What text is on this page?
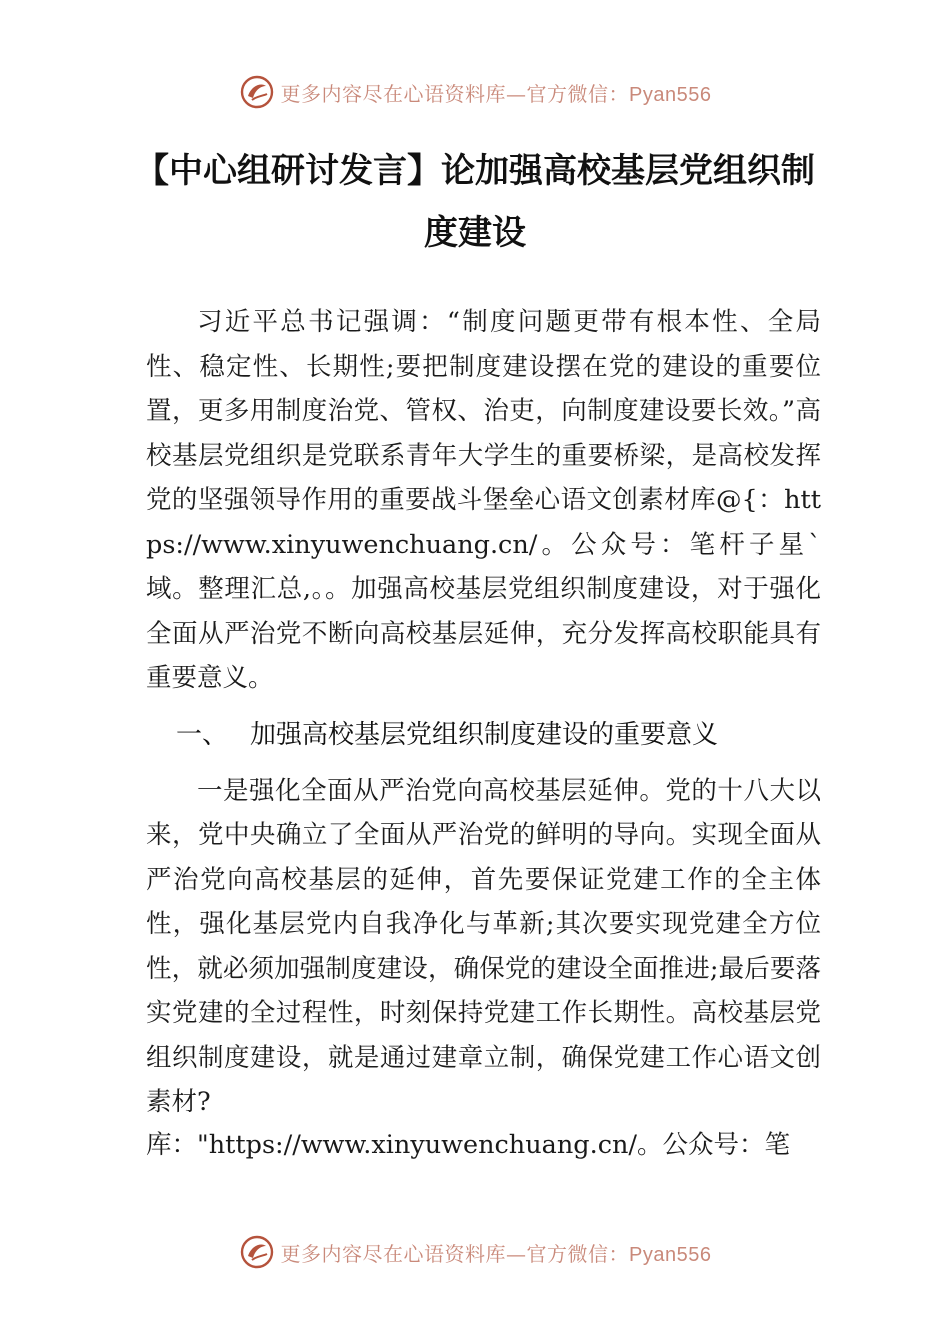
更多内容尽在心语资料库—官方微信：Pyan556
【中心组研讨发言】论加强高校基层党组织制度建设

习近平总书记强调：“制度问题更带有根本性、全局性、稳定性、长期性;要把制度建设摆在党的建设的重要位置，更多用制度治党、管权、治吏，向制度建设要长效。”高校基层党组织是党联系青年大学生的重要桥梁，是高校发挥党的坚强领导作用的重要战斗堡垒心语文创素材库@{：https://www.xinyuwenchuang.cn/。公众号：笔杆子星`域。整理汇总,。。加强高校基层党组织制度建设，对于强化全面从严治党不断向高校基层延伸，充分发挥高校职能具有重要意义。

一、 加强高校基层党组织制度建设的重要意义

一是强化全面从严治党向高校基层延伸。党的十八大以来，党中央确立了全面从严治党的鲜明的导向。实现全面从严治党向高校基层的延伸，首先要保证党建工作的全主体性，强化基层党内自我净化与革新;其次要实现党建全方位性，就必须加强制度建设，确保党的建设全面推进;最后要落实党建的全过程性，时刻保持党建工作长期性。高校基层党组织制度建设，就是通过建章立制，确保党建工作心语文创素材?

库："https://www.xinyuwenchuang.cn/。公众号：笔

更多内容尽在心语资料库—官方微信：Pyan556
